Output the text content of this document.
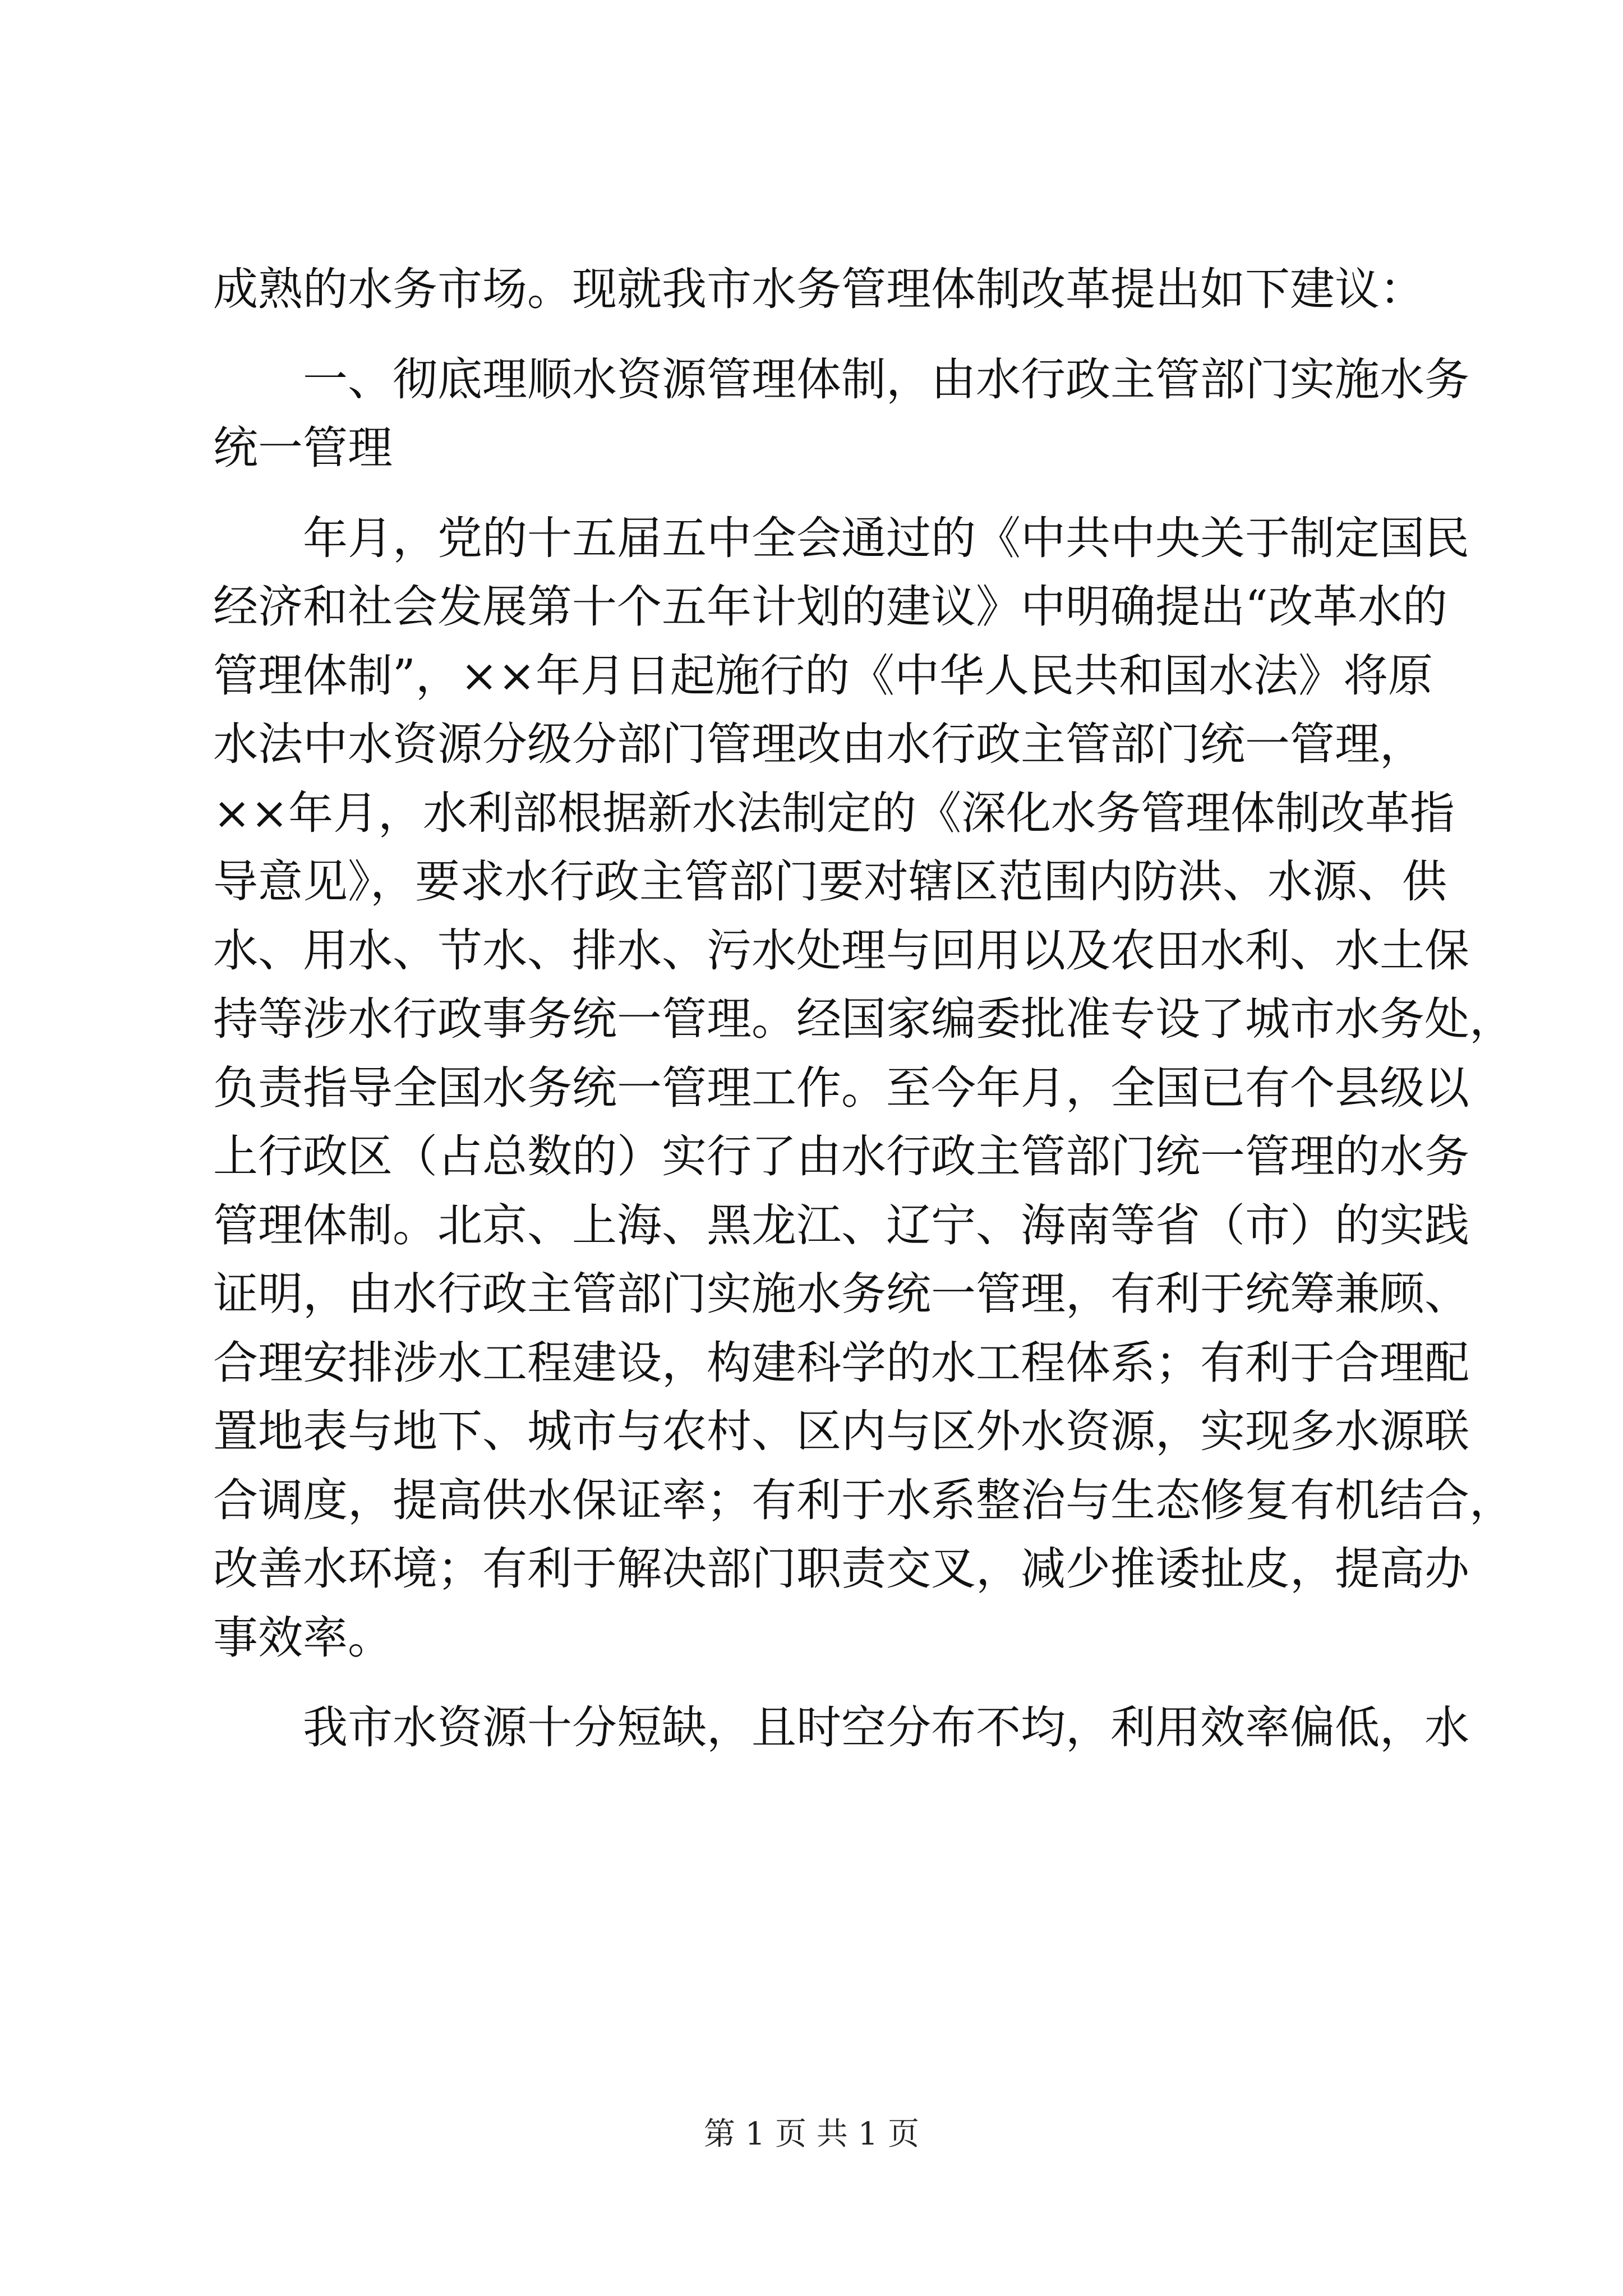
成熟的水务市场。现就我市水务管理体制改革提出如下建议：
一、彻底理顺水资源管理体制，由水行政主管部门实施水务
统一管理
年月，党的十五届五中全会通过的《中共中央关于制定国民
经济和社会发展第十个五年计划的建议》中明确提出“改革水的
管理体制”，××年月日起施行的《中华人民共和国水法》将原
水法中水资源分级分部门管理改由水行政主管部门统一管理，
××年月，水利部根据新水法制定的《深化水务管理体制改革指
导意见》，要求水行政主管部门要对辖区范围内防洪、水源、供
水、用水、节水、排水、污水处理与回用以及农田水利、水土保
持等涉水行政事务统一管理。经国家编委批准专设了城市水务处，
负责指导全国水务统一管理工作。至今年月，全国已有个县级以
上行政区（占总数的）实行了由水行政主管部门统一管理的水务
管理体制。北京、上海、黑龙江、辽宁、海南等省（市）的实践
证明，由水行政主管部门实施水务统一管理，有利于统筹兼顾、
合理安排涉水工程建设，构建科学的水工程体系；有利于合理配
置地表与地下、城市与农村、区内与区外水资源，实现多水源联
合调度，提高供水保证率；有利于水系整治与生态修复有机结合，
改善水环境；有利于解决部门职责交叉，减少推诿扯皮，提高办
事效率。
我市水资源十分短缺，且时空分布不均，利用效率偏低，水
第 1 页 共 1 页
